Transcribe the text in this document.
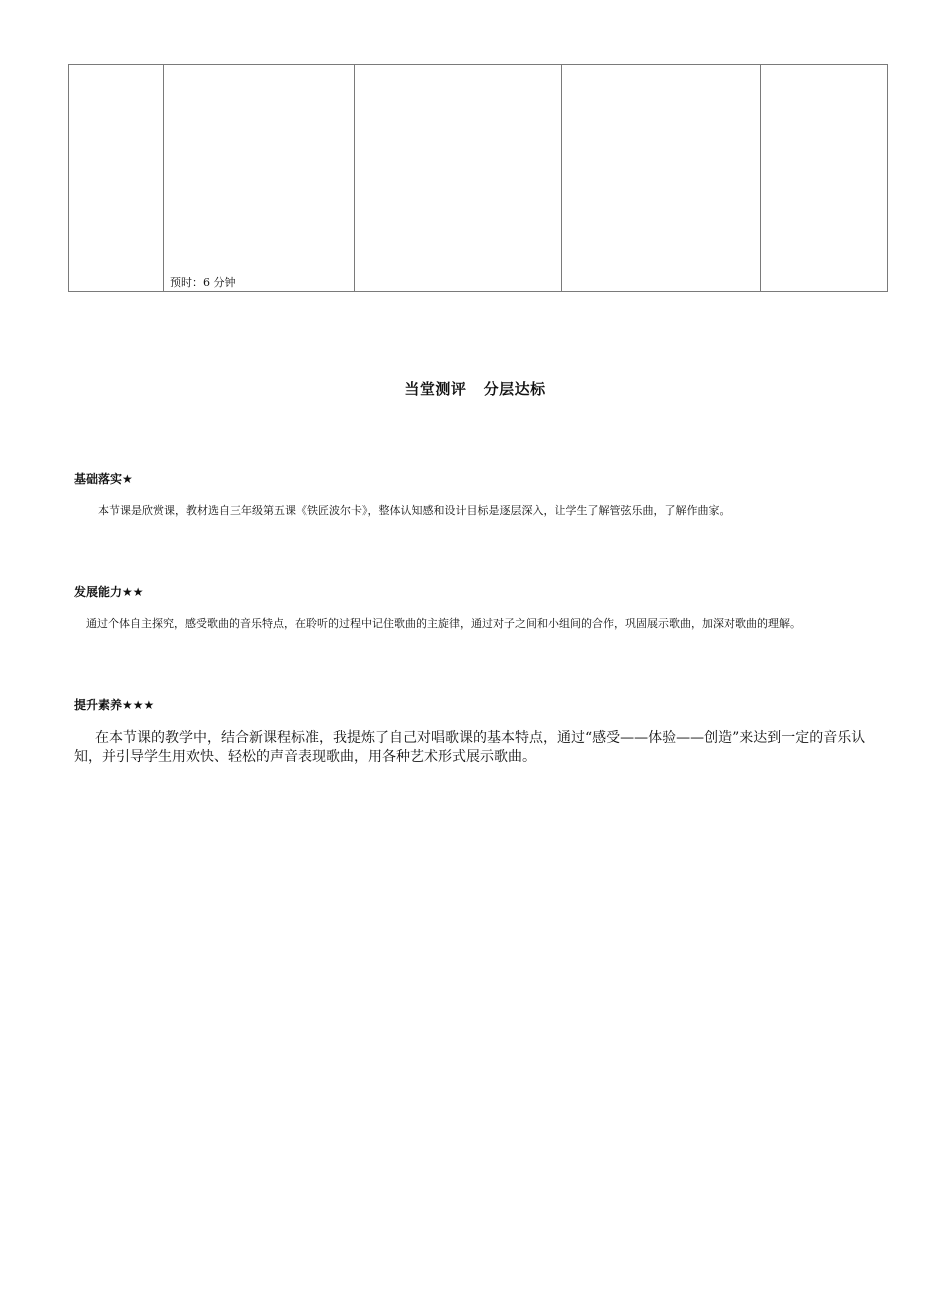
预时：6 分钟

当堂测评   分层达标
基础落实★
本节课是欣赏课，教材选自三年级第五课《铁匠波尔卡》，整体认知感和设计目标是逐层深入，让学生了解管弦乐曲，了解作曲家。
发展能力★★
通过个体自主探究，感受歌曲的音乐特点，在聆听的过程中记住歌曲的主旋律，通过对子之间和小组间的合作，巩固展示歌曲，加深对歌曲的理解。
提升素养★★★
在本节课的教学中，结合新课程标准，我提炼了自己对唱歌课的基本特点，通过“感受——体验——创造”来达到一定的音乐认知，并引导学生用欢快、轻松的声音表现歌曲，用各种艺术形式展示歌曲。
